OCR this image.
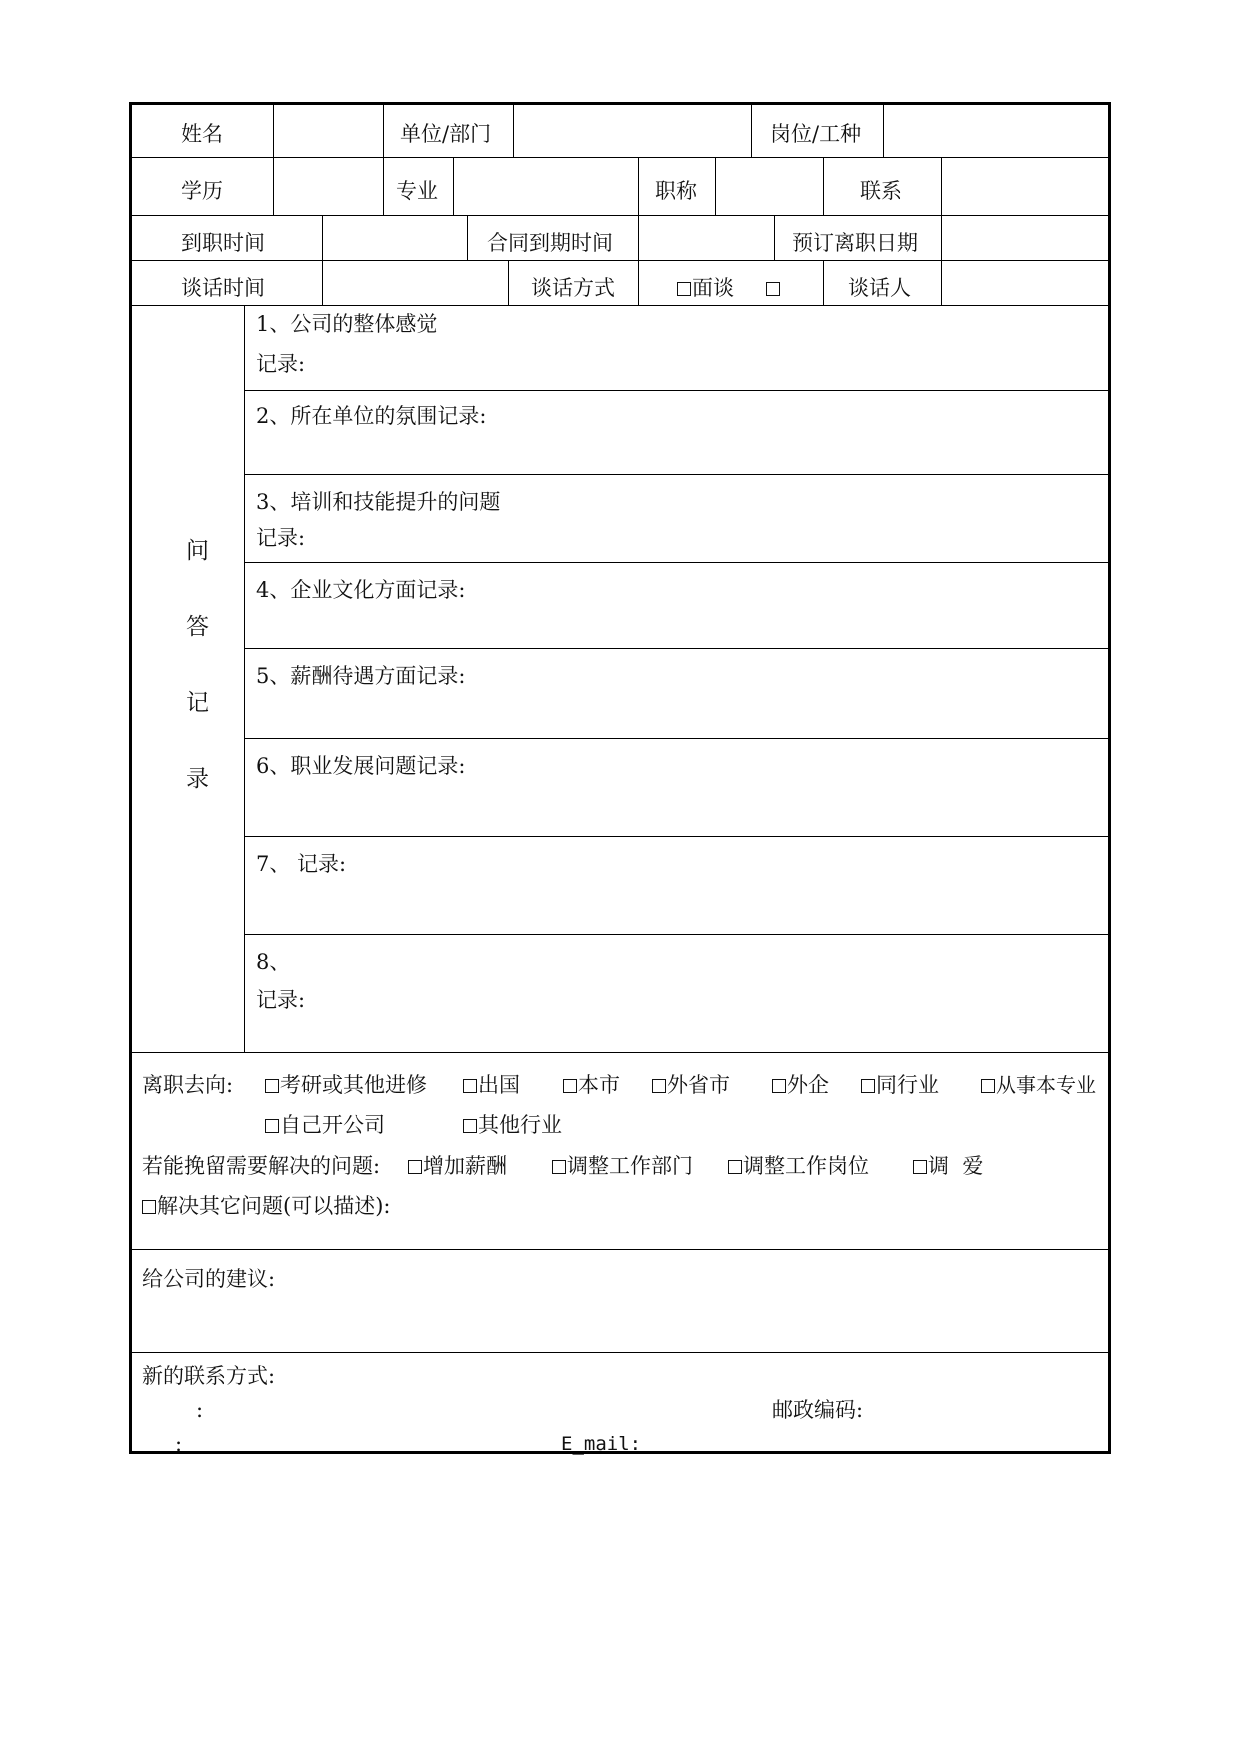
姓名	单位/部门	岗位/工种
学历	专业	职称	联系
到职时间	合同到期时间	预订离职日期
谈话时间	谈话方式	面谈	谈话人
问
答
记
录
1、公司的整体感觉
记录:
2、所在单位的氛围记录:
3、培训和技能提升的问题
记录:
4、企业文化方面记录:
5、薪酬待遇方面记录:
6、职业发展问题记录:
7、 记录:
8、
记录:
离职去向:	考研或其他进修	出国	本市	外省市	外企	同行业	从事本专业
自己开公司	其他行业
若能挽留需要解决的问题:	增加薪酬	调整工作部门	调整工作岗位	调  爱
解决其它问题(可以描述):
给公司的建议:
新的联系方式:
:	邮政编码:
:	E_mail:
